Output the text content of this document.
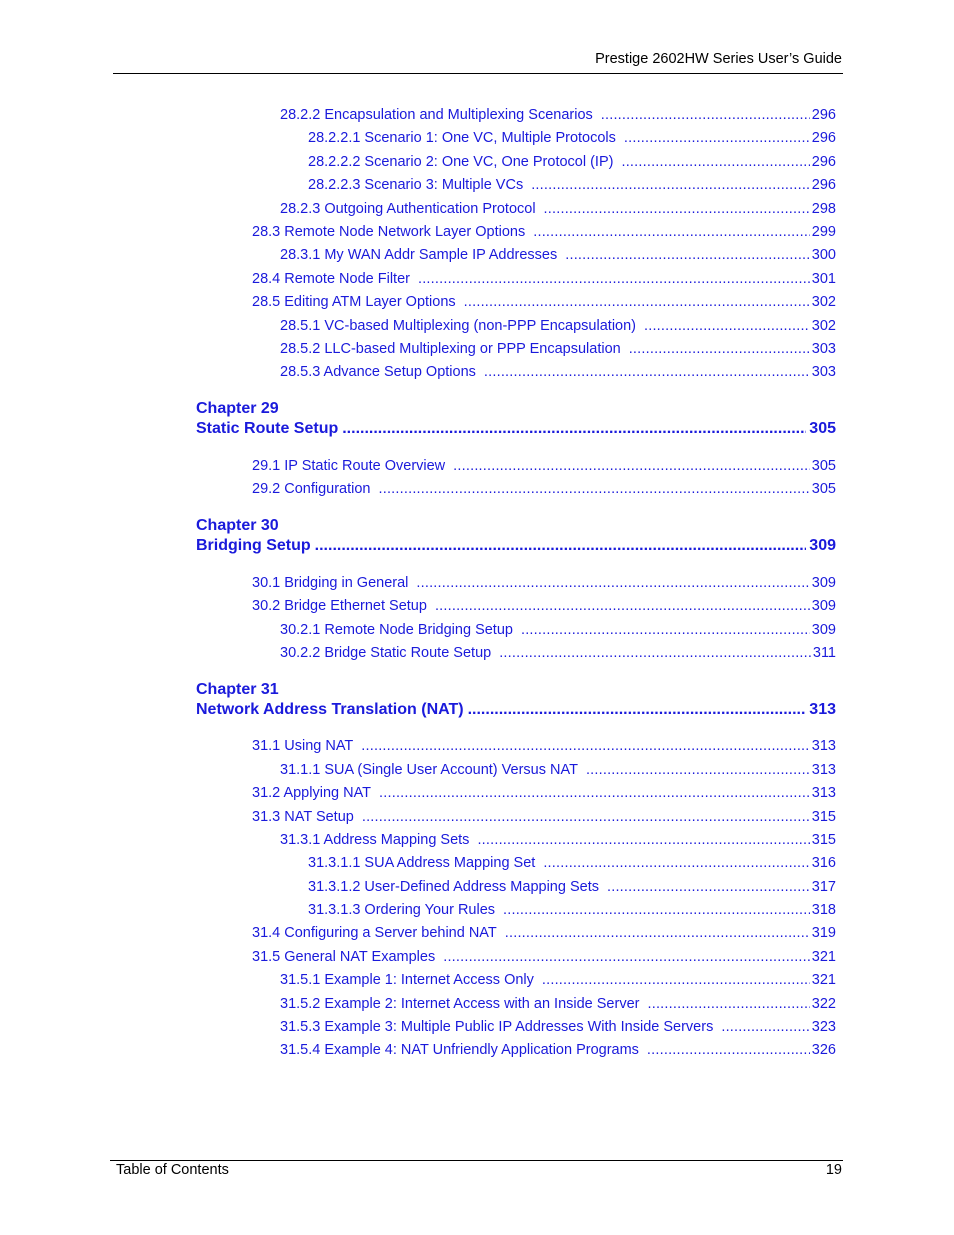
Prestige 2602HW Series User’s Guide
28.2.2 Encapsulation and Multiplexing Scenarios .....	296
28.2.2.1 Scenario 1: One VC, Multiple Protocols .....	296
28.2.2.2 Scenario 2: One VC, One Protocol (IP) .....	296
28.2.2.3 Scenario 3: Multiple VCs .....	296
28.2.3 Outgoing Authentication Protocol .....	298
28.3 Remote Node Network Layer Options .....	299
28.3.1 My WAN Addr Sample IP Addresses .....	300
28.4 Remote Node Filter .....	301
28.5 Editing ATM Layer Options .....	302
28.5.1 VC-based Multiplexing (non-PPP Encapsulation) .....	302
28.5.2 LLC-based Multiplexing or PPP Encapsulation .....	303
28.5.3 Advance Setup Options .....	303
Chapter 29
Static Route Setup .....	305
29.1 IP Static Route Overview .....	305
29.2 Configuration .....	305
Chapter 30
Bridging Setup .....	309
30.1 Bridging in General .....	309
30.2 Bridge Ethernet Setup .....	309
30.2.1 Remote Node Bridging Setup .....	309
30.2.2 Bridge Static Route Setup .....	311
Chapter 31
Network Address Translation (NAT) .....	313
31.1 Using NAT .....	313
31.1.1 SUA (Single User Account) Versus NAT .....	313
31.2 Applying NAT .....	313
31.3 NAT Setup .....	315
31.3.1 Address Mapping Sets .....	315
31.3.1.1 SUA Address Mapping Set .....	316
31.3.1.2 User-Defined Address Mapping Sets .....	317
31.3.1.3 Ordering Your Rules .....	318
31.4 Configuring a Server behind NAT .....	319
31.5 General NAT Examples .....	321
31.5.1 Example 1: Internet Access Only .....	321
31.5.2 Example 2: Internet Access with an Inside Server .....	322
31.5.3 Example 3: Multiple Public IP Addresses With Inside Servers .....	323
31.5.4 Example 4: NAT Unfriendly Application Programs .....	326
Table of Contents	19
